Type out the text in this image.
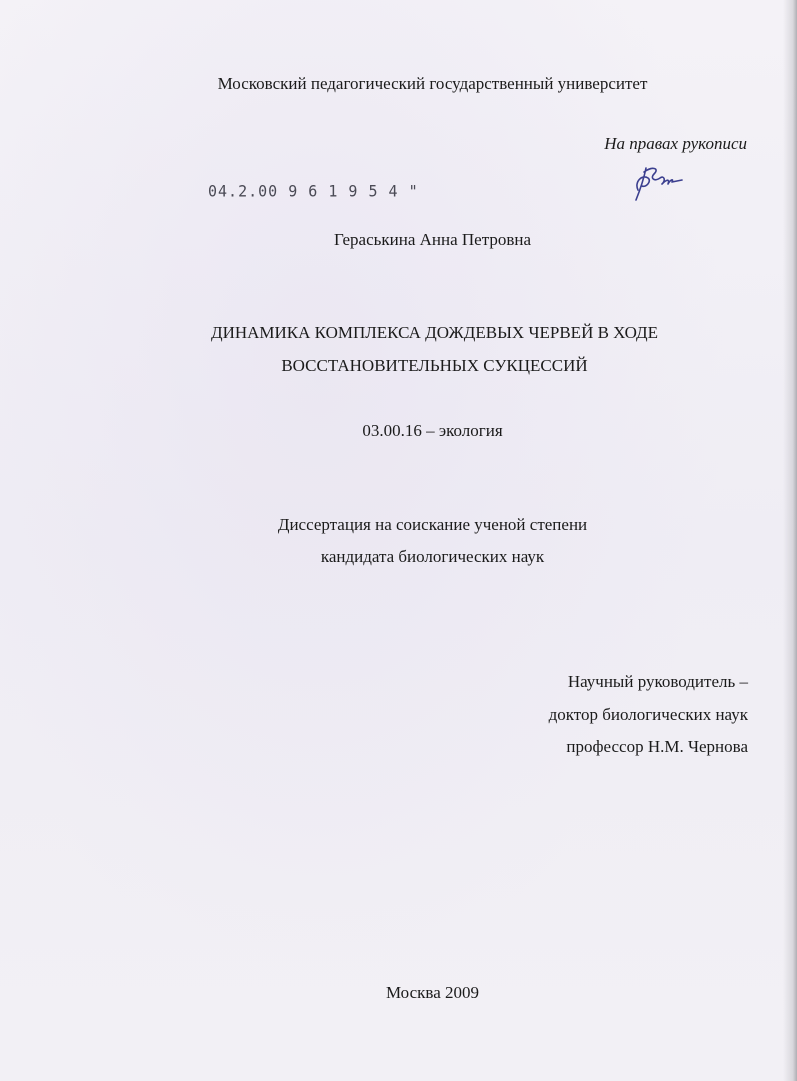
Московский педагогический государственный университет
На правах рукописи
04.2.00 9 6 1 9 5 4 "
Гераськина Анна Петровна
ДИНАМИКА КОМПЛЕКСА ДОЖДЕВЫХ ЧЕРВЕЙ В ХОДЕ
ВОССТАНОВИТЕЛЬНЫХ СУКЦЕССИЙ
03.00.16 – экология
Диссертация на соискание ученой степени
кандидата биологических наук
Научный руководитель –
доктор биологических наук
профессор Н.М. Чернова
Москва 2009
